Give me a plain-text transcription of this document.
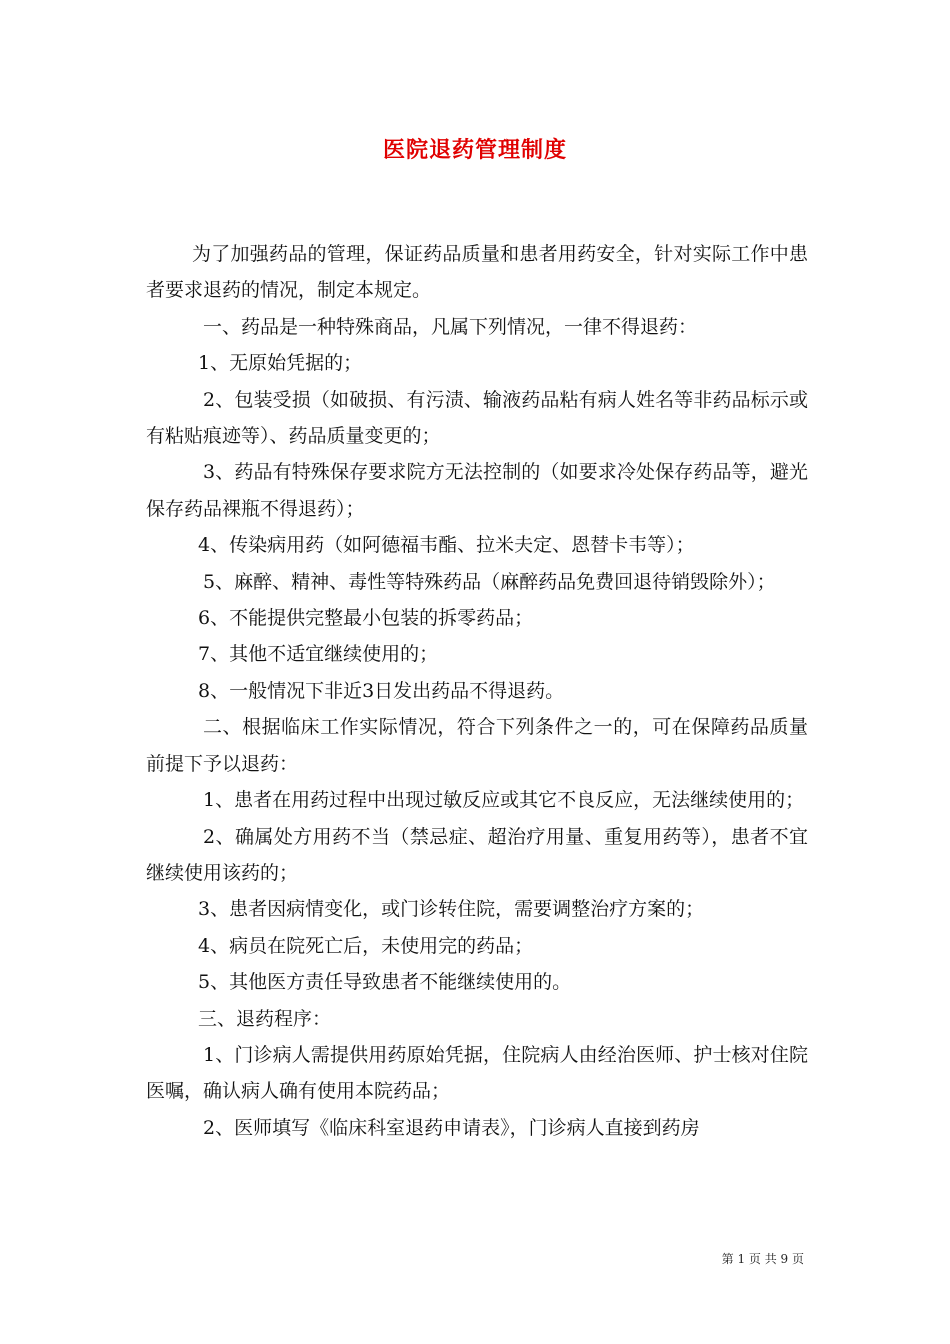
医院退药管理制度

为了加强药品的管理，保证药品质量和患者用药安全，针对实际工作中患者要求退药的情况，制定本规定。

一、药品是一种特殊商品，凡属下列情况，一律不得退药：

1、无原始凭据的；

2、包装受损（如破损、有污渍、输液药品粘有病人姓名等非药品标示或有粘贴痕迹等）、药品质量变更的；

3、药品有特殊保存要求院方无法控制的（如要求冷处保存药品等，避光保存药品裸瓶不得退药）；

4、传染病用药（如阿德福韦酯、拉米夫定、恩替卡韦等）；

5、麻醉、精神、毒性等特殊药品（麻醉药品免费回退待销毁除外）；

6、不能提供完整最小包装的拆零药品；

7、其他不适宜继续使用的；

8、一般情况下非近3日发出药品不得退药。

二、根据临床工作实际情况，符合下列条件之一的，可在保障药品质量前提下予以退药：

1、患者在用药过程中出现过敏反应或其它不良反应，无法继续使用的；

2、确属处方用药不当（禁忌症、超治疗用量、重复用药等），患者不宜继续使用该药的；

3、患者因病情变化，或门诊转住院，需要调整治疗方案的；

4、病员在院死亡后，未使用完的药品；

5、其他医方责任导致患者不能继续使用的。

三、退药程序：

1、门诊病人需提供用药原始凭据，住院病人由经治医师、护士核对住院医嘱，确认病人确有使用本院药品；

2、医师填写《临床科室退药申请表》，门诊病人直接到药房

第 1 页 共 9 页
